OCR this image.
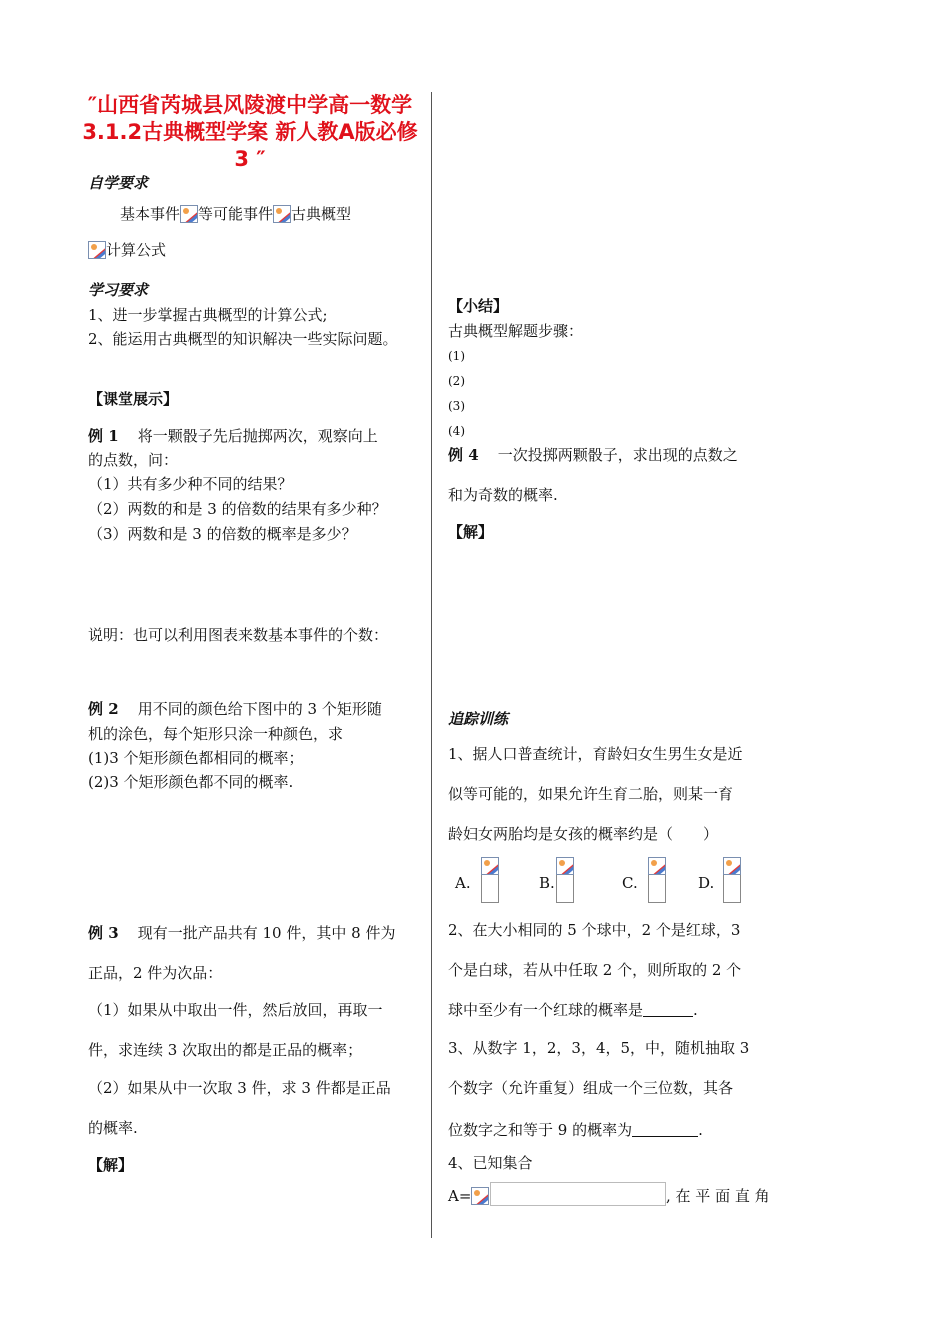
″山西省芮城县风陵渡中学高一数学 3.1.2古典概型学案 新人教A版必修3 ″
自学要求
基本事件 等可能事件 古典概型
计算公式
学习要求
1、进一步掌握古典概型的计算公式;
2、能运用古典概型的知识解决一些实际问题。
【课堂展示】
例 1 将一颗骰子先后抛掷两次，观察向上
的点数，问：
（1）共有多少种不同的结果？
（2）两数的和是 3 的倍数的结果有多少种？
（3）两数和是 3 的倍数的概率是多少？
说明：也可以利用图表来数基本事件的个数：
例 2 用不同的颜色给下图中的 3 个矩形随
机的涂色，每个矩形只涂一种颜色，求
(1)3 个矩形颜色都相同的概率；
(2)3 个矩形颜色都不同的概率.
例 3 现有一批产品共有 10 件，其中 8 件为
正品，2 件为次品：
（1）如果从中取出一件，然后放回，再取一
件，求连续 3 次取出的都是正品的概率；
（2）如果从中一次取 3 件，求 3 件都是正品
的概率.
【解】
【小结】
古典概型解题步骤：
(1)
(2)
(3)
(4)
例 4 一次投掷两颗骰子，求出现的点数之
和为奇数的概率.
【解】
追踪训练
1、据人口普查统计，育龄妇女生男生女是近
似等可能的，如果允许生育二胎，则某一育
龄妇女两胎均是女孩的概率约是（　　）
A.	B.	C.	D.
2、在大小相同的 5 个球中，2 个是红球，3
个是白球，若从中任取 2 个，则所取的 2 个
球中至少有一个红球的概率是	.
3、从数字 1，2，3，4，5，中，随机抽取 3
个数字（允许重复）组成一个三位数，其各
位数字之和等于 9 的概率为	.
4、已知集合
A=	, 在 平 面 直 角
